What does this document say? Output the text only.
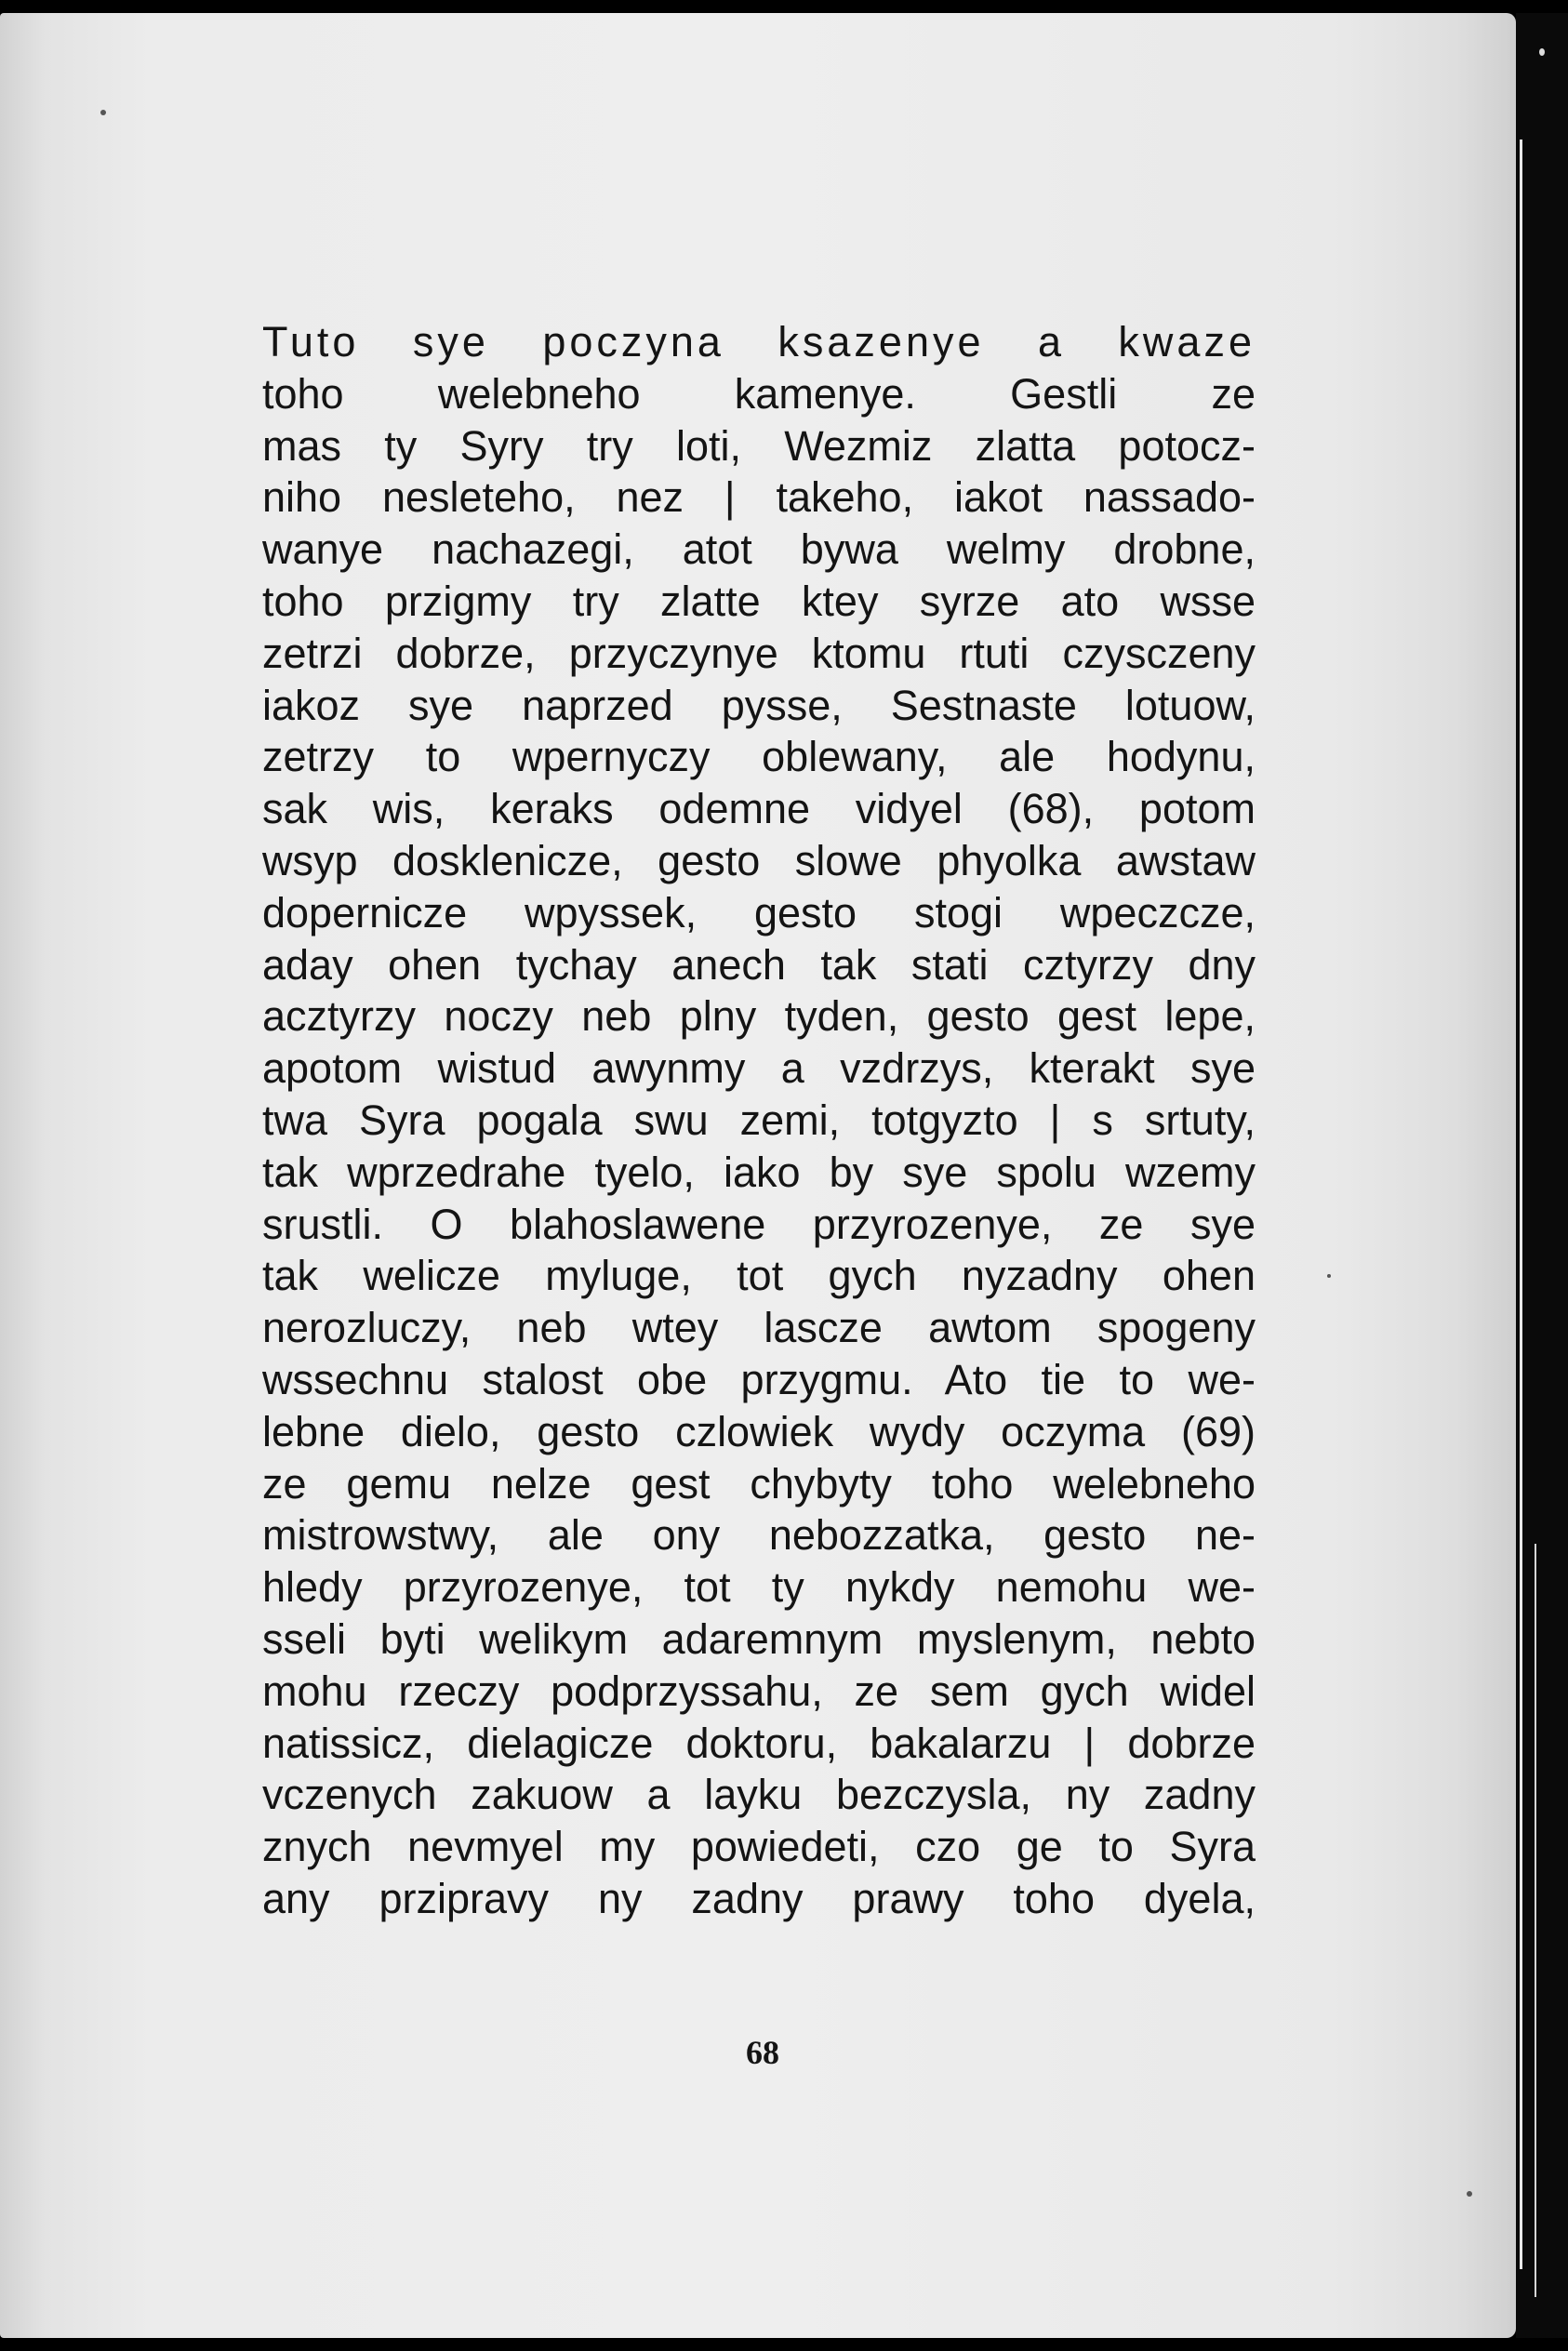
Tuto sye poczyna ksazenye a kwaze
toho welebneho kamenye. Gestli ze
mas ty Syry try loti, Wezmiz zlatta potocz-
niho nesleteho, nez | takeho, iakot nassado-
wanye nachazegi, atot bywa welmy drobne,
toho przigmy try zlatte ktey syrze ato wsse
zetrzi dobrze, przyczynye ktomu rtuti czysczeny
iakoz sye naprzed pysse, Sestnaste lotuow,
zetrzy to wpernyczy oblewany, ale hodynu,
sak wis, keraks odemne vidyel (68), potom
wsyp dosklenicze, gesto slowe phyolka awstaw
dopernicze wpyssek, gesto stogi wpeczcze,
aday ohen tychay anech tak stati cztyrzy dny
acztyrzy noczy neb plny tyden, gesto gest lepe,
apotom wistud awynmy a vzdrzys, kterakt sye
twa Syra pogala swu zemi, totgyzto | s srtuty,
tak wprzedrahe tyelo, iako by sye spolu wzemy
srustli. O blahoslawene przyrozenye, ze sye
tak welicze myluge, tot gych nyzadny ohen
nerozluczy, neb wtey lascze awtom spogeny
wssechnu stalost obe przygmu. Ato tie to we-
lebne dielo, gesto czlowiek wydy oczyma (69)
ze gemu nelze gest chybyty toho welebneho
mistrowstwy, ale ony nebozzatka, gesto ne-
hledy przyrozenye, tot ty nykdy nemohu we-
sseli byti welikym adaremnym myslenym, nebto
mohu rzeczy podprzyssahu, ze sem gych widel
natissicz, dielagicze doktoru, bakalarzu | dobrze
vczenych zakuow a layku bezczysla, ny zadny
znych nevmyel my powiedeti, czo ge to Syra
any przipravy ny zadny prawy toho dyela,
68
